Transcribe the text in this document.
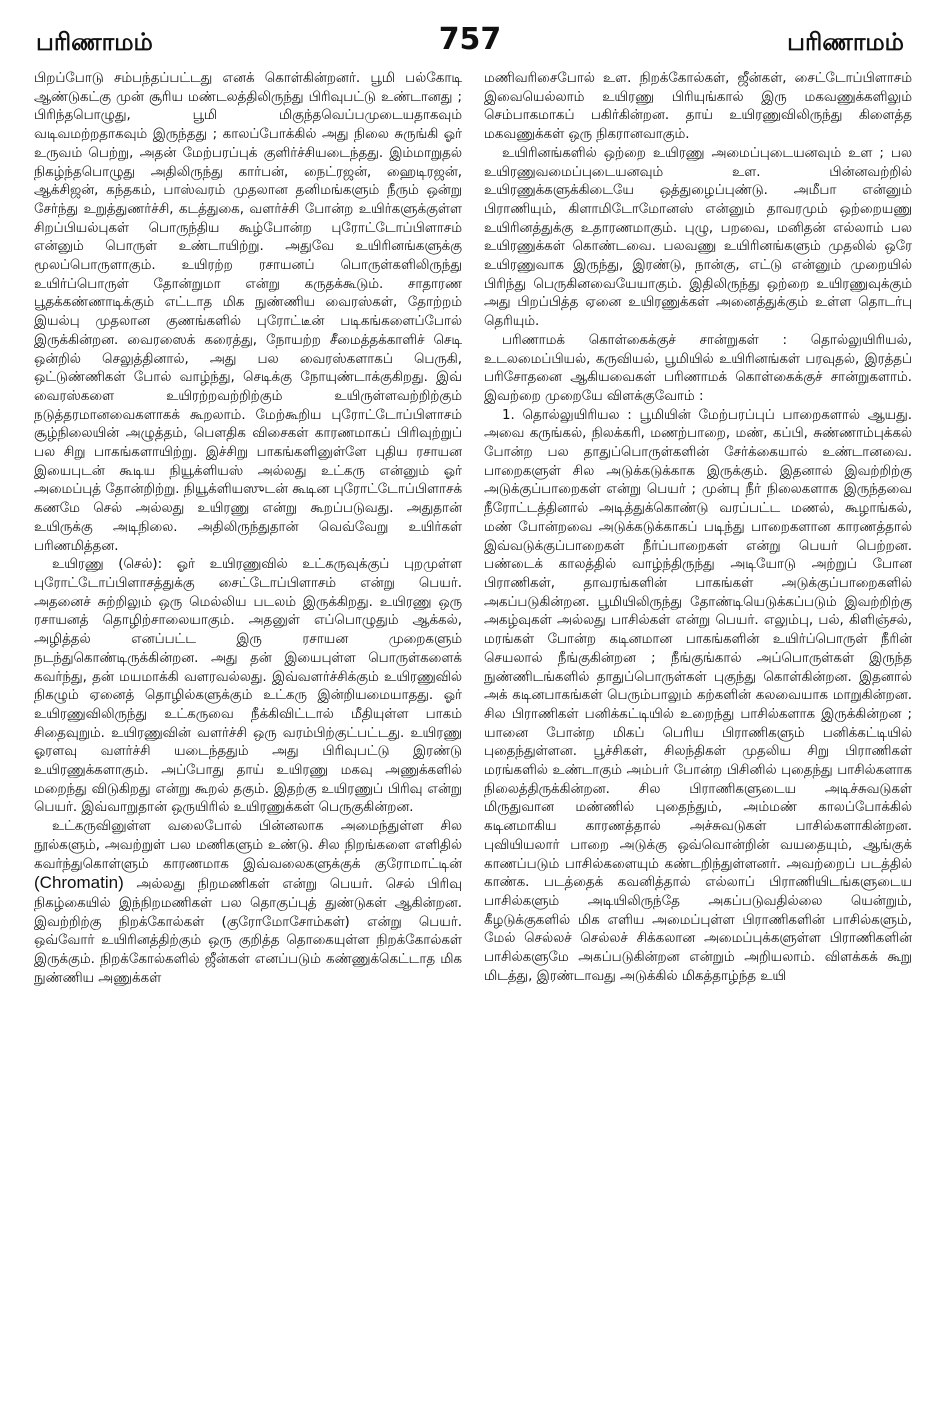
பரிணாமம்	757	பரிணாமம்

பிறப்போடு சம்பந்தப்பட்டது எனக் கொள்கின்றனர். பூமி பல்கோடி ஆண்டுகட்கு முன் சூரிய மண்டலத்திலிருந்து பிரிவுபட்டு உண்டானது ; பிரிந்தபொழுது, பூமி மிகுந்தவெப்பமுடையதாகவும் வடிவமற்றதாகவும் இருந்தது ; காலப்போக்கில் அது நிலை சுருங்கி ஓர் உருவம் பெற்று, அதன் மேற்பரப்புக் குளிர்ச்சியடைந்தது. இம்மாறுதல் நிகழ்ந்தபொழுது அதிலிருந்து கார்பன், நைட்ரஜன், ஹைடிரஜன், ஆக்சிஜன், கந்தகம், பாஸ்வரம் முதலான தனிமங்களும் நீரும் ஒன்று சேர்ந்து உறுத்துணர்ச்சி, கடத்துகை, வளர்ச்சி போன்ற உயிர்களுக்குள்ள சிறப்பியல்புகள் பொருந்திய கூழ்போன்ற புரோட்டோப்பிளாசம் என்னும் பொருள் உண்டாயிற்று. அதுவே உயிரினங்களுக்கு மூலப்பொருளாகும். உயிரற்ற ரசாயனப் பொருள்களிலிருந்து உயிர்ப்பொருள் தோன்றுமா என்று கருதக்கூடும். சாதாரண பூதக்கண்ணாடிக்கும் எட்டாத மிக நுண்ணிய வைரஸ்கள், தோற்றம் இயல்பு முதலான குணங்களில் புரோட்டீன் படிகங்களைப்போல் இருக்கின்றன. வைரஸைக் கரைத்து, நோயற்ற சீமைத்தக்காளிச் செடி ஒன்றில் செலுத்தினால், அது பல வைரஸ்களாகப் பெருகி, ஒட்டுண்ணிகள் போல் வாழ்ந்து, செடிக்கு நோயுண்டாக்குகிறது. இவ் வைரஸ்களை உயிரற்றவற்றிற்கும் உயிருள்ளவற்றிற்கும் நடுத்தரமானவைகளாகக் கூறலாம். மேற்கூறிய புரோட்டோப்பிளாசம் சூழ்நிலையின் அழுத்தம், பௌதிக விசைகள் காரணமாகப் பிரிவுற்றுப் பல சிறு பாகங்களாயிற்று. இச்சிறு பாகங்களினுள்ளே புதிய ரசாயன இயைபுடன் கூடிய நியூக்ளியஸ் அல்லது உட்கரு என்னும் ஓர் அமைப்புத் தோன்றிற்று. நியூக்ளியஸுடன் கூடின புரோட்டோப்பிளாசக் கணமே செல் அல்லது உயிரணு என்று கூறப்படுவது. அதுதான் உயிருக்கு அடிநிலை. அதிலிருந்துதான் வெவ்வேறு உயிர்கள் பரிணமித்தன.

உயிரணு (செல்): ஓர் உயிரணுவில் உட்கருவுக்குப் புறமுள்ள புரோட்டோப்பிளாசத்துக்கு சைட்டோப்பிளாசம் என்று பெயர். அதனைச் சுற்றிலும் ஒரு மெல்லிய படலம் இருக்கிறது. உயிரணு ஒரு ரசாயனத் தொழிற்சாலையாகும். அதனுள் எப்பொழுதும் ஆக்கல், அழித்தல் எனப்பட்ட இரு ரசாயன முறைகளும் நடந்துகொண்டிருக்கின்றன. அது தன் இயைபுள்ள பொருள்களைக் கவர்ந்து, தன் மயமாக்கி வளரவல்லது. இவ்வளர்ச்சிக்கும் உயிரணுவில் நிகழும் ஏனைத் தொழில்களுக்கும் உட்கரு இன்றியமையாதது. ஓர் உயிரணுவிலிருந்து உட்கருவை நீக்கிவிட்டால் மீதியுள்ள பாகம் சிதைவுறும். உயிரணுவின் வளர்ச்சி ஒரு வரம்பிற்குட்பட்டது. உயிரணு ஓரளவு வளர்ச்சி யடைந்ததும் அது பிரிவுபட்டு இரண்டு உயிரணுக்களாகும். அப்போது தாய் உயிரணு மகவு அணுக்களில் மறைந்து விடுகிறது என்று கூறல் தகும். இதற்கு உயிரணுப் பிரிவு என்று பெயர். இவ்வாறுதான் ஒருயிரில் உயிரணுக்கள் பெருகுகின்றன.

உட்கருவினுள்ள வலைபோல் பின்னலாக அமைந்துள்ள சில நூல்களும், அவற்றுள் பல மணிகளும் உண்டு. சில நிறங்களை எளிதில் கவர்ந்துகொள்ளும் காரணமாக இவ்வலைகளுக்குக் குரோமாட்டின் (Chromatin) அல்லது நிறமணிகள் என்று பெயர். செல் பிரிவு நிகழ்கையில் இந்நிறமணிகள் பல தொகுப்புத் துண்டுகள் ஆகின்றன. இவற்றிற்கு நிறக்கோல்கள் (குரோமோசோம்கள்) என்று பெயர். ஒவ்வோர் உயிரினத்திற்கும் ஒரு குறித்த தொகையுள்ள நிறக்கோல்கள் இருக்கும். நிறக்கோல்களில் ஜீன்கள் எனப்படும் கண்ணுக்கெட்டாத மிக நுண்ணிய அணுக்கள்

மணிவரிசைபோல் உள. நிறக்கோல்கள், ஜீன்கள், சைட்டோப்பிளாசம் இவையெல்லாம் உயிரணு பிரியுங்கால் இரு மகவணுக்களிலும் செம்பாகமாகப் பகிர்கின்றன. தாய் உயிரணுவிலிருந்து கிளைத்த மகவணுக்கள் ஒரு நிகரானவாகும்.

உயிரினங்களில் ஒற்றை உயிரணு அமைப்புடையனவும் உள ; பல உயிரணுவமைப்புடையனவும் உள. பின்னவற்றில் உயிரணுக்களுக்கிடையே ஒத்துழைப்புண்டு. அமீபா என்னும் பிராணியும், கிளாமிடோமோனஸ் என்னும் தாவரமும் ஒற்றையணு உயிரினத்துக்கு உதாரணமாகும். புழு, பறவை, மனிதன் எல்லாம் பல உயிரணுக்கள் கொண்டவை. பலவணு உயிரினங்களும் முதலில் ஒரே உயிரணுவாக இருந்து, இரண்டு, நான்கு, எட்டு என்னும் முறையில் பிரிந்து பெருகினவையேயாகும். இதிலிருந்து ஒற்றை உயிரணுவுக்கும் அது பிறப்பித்த ஏனை உயிரணுக்கள் அனைத்துக்கும் உள்ள தொடர்பு தெரியும்.

பரிணாமக் கொள்கைக்குச் சான்றுகள் : தொல்லுயிரியல், உடலமைப்பியல், கருவியல், பூமியில் உயிரினங்கள் பரவுதல், இரத்தப் பரிசோதனை ஆகியவைகள் பரிணாமக் கொள்கைக்குச் சான்றுகளாம். இவற்றை முறையே விளக்குவோம் :

1. தொல்லுயிரியல : பூமியின் மேற்பரப்புப் பாறைகளால் ஆயது. அவை கருங்கல், நிலக்கரி, மணற்பாறை, மண், கப்பி, சுண்ணாம்புக்கல் போன்ற பல தாதுப்பொருள்களின் சேர்க்கையால் உண்டானவை. பாறைகளுள் சில அடுக்கடுக்காக இருக்கும். இதனால் இவற்றிற்கு அடுக்குப்பாறைகள் என்று பெயர் ; முன்பு நீர் நிலைகளாக இருந்தவை நீரோட்டத்தினால் அடித்துக்கொண்டு வரப்பட்ட மணல், கூழாங்கல், மண் போன்றவை அடுக்கடுக்காகப் படிந்து பாறைகளான காரணத்தால் இவ்வடுக்குப்பாறைகள் நீர்ப்பாறைகள் என்று பெயர் பெற்றன. பண்டைக் காலத்தில் வாழ்ந்திருந்து அடியோடு அற்றுப் போன பிராணிகள், தாவரங்களின் பாகங்கள் அடுக்குப்பாறைகளில் அகப்படுகின்றன. பூமியிலிருந்து தோண்டியெடுக்கப்படும் இவற்றிற்கு அகழ்வுகள் அல்லது பாசில்கள் என்று பெயர். எலும்பு, பல், கிளிஞ்சல், மரங்கள் போன்ற கடினமான பாகங்களின் உயிர்ப்பொருள் நீரின் செயலால் நீங்குகின்றன ; நீங்குங்கால் அப்பொருள்கள் இருந்த நுண்ணிடங்களில் தாதுப்பொருள்கள் புகுந்து கொள்கின்றன. இதனால் அக் கடினபாகங்கள் பெரும்பாலும் கற்களின் கலவையாக மாறுகின்றன. சில பிராணிகள் பனிக்கட்டியில் உறைந்து பாசில்களாக இருக்கின்றன ; யானை போன்ற மிகப் பெரிய பிராணிகளும் பனிக்கட்டியில் புதைந்துள்ளன. பூச்சிகள், சிலந்திகள் முதலிய சிறு பிராணிகள் மரங்களில் உண்டாகும் அம்பர் போன்ற பிசினில் புதைந்து பாசில்களாக நிலைத்திருக்கின்றன. சில பிராணிகளுடைய அடிச்சுவடுகள் மிருதுவான மண்ணில் புதைந்தும், அம்மண் காலப்போக்கில் கடினமாகிய காரணத்தால் அச்சுவடுகள் பாசில்களாகின்றன. புவியியலார் பாறை அடுக்கு ஒவ்வொன்றின் வயதையும், ஆங்குக் காணப்படும் பாசில்களையும் கண்டறிந்துள்ளனர். அவற்றைப் படத்தில் காண்க. படத்தைக் கவனித்தால் எல்லாப் பிராணியிடங்களுடைய பாசில்களும் அடியிலிருந்தே அகப்படுவதில்லை யென்றும், கீழடுக்குகளில் மிக எளிய அமைப்புள்ள பிராணிகளின் பாசில்களும், மேல் செல்லச் செல்லச் சிக்கலான அமைப்புக்களுள்ள பிராணிகளின் பாசில்களுமே அகப்படுகின்றன என்றும் அறியலாம். விளக்கக் கூறு மிடத்து, இரண்டாவது அடுக்கில் மிகத்தாழ்ந்த உயி
